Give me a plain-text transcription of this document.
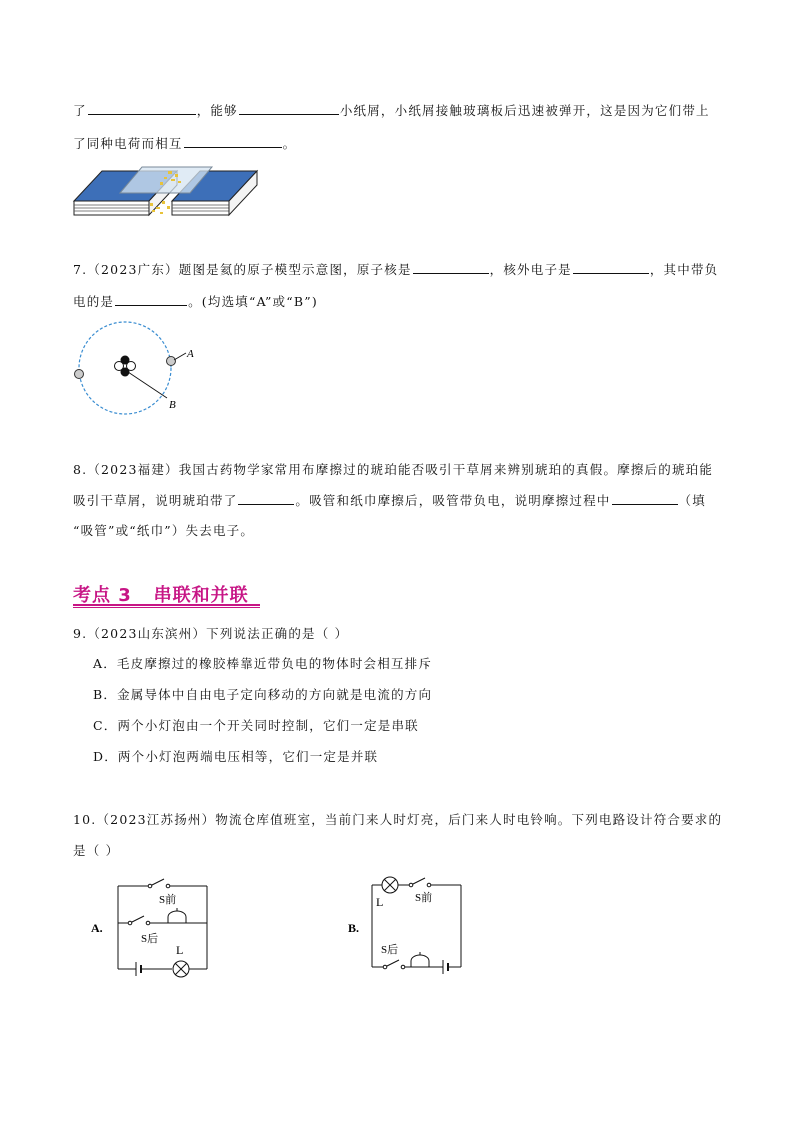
了	，能够	小纸屑，小纸屑接触玻璃板后迅速被弹开，这是因为它们带上
了同种电荷而相互	。
7.（2023广东）题图是氦的原子模型示意图，原子核是	，核外电子是	，其中带负
电的是	。(均选填“A”或“B”)
A
B
8.（2023福建）我国古药物学家常用布摩擦过的琥珀能否吸引干草屑来辨别琥珀的真假。摩擦后的琥珀能
吸引干草屑，说明琥珀带了	。吸管和纸巾摩擦后，吸管带负电，说明摩擦过程中	（填
“吸管”或“纸巾”）失去电子。
考点 3   串联和并联
9.（2023山东滨州）下列说法正确的是（ ）
A．毛皮摩擦过的橡胶棒靠近带负电的物体时会相互排斥
B．金属导体中自由电子定向移动的方向就是电流的方向
C．两个小灯泡由一个开关同时控制，它们一定是串联
D．两个小灯泡两端电压相等，它们一定是并联
10.（2023江苏扬州）物流仓库值班室，当前门来人时灯亮，后门来人时电铃响。下列电路设计符合要求的
是（ ）
A.
S前
S后
L
B.
L	S前
S后
